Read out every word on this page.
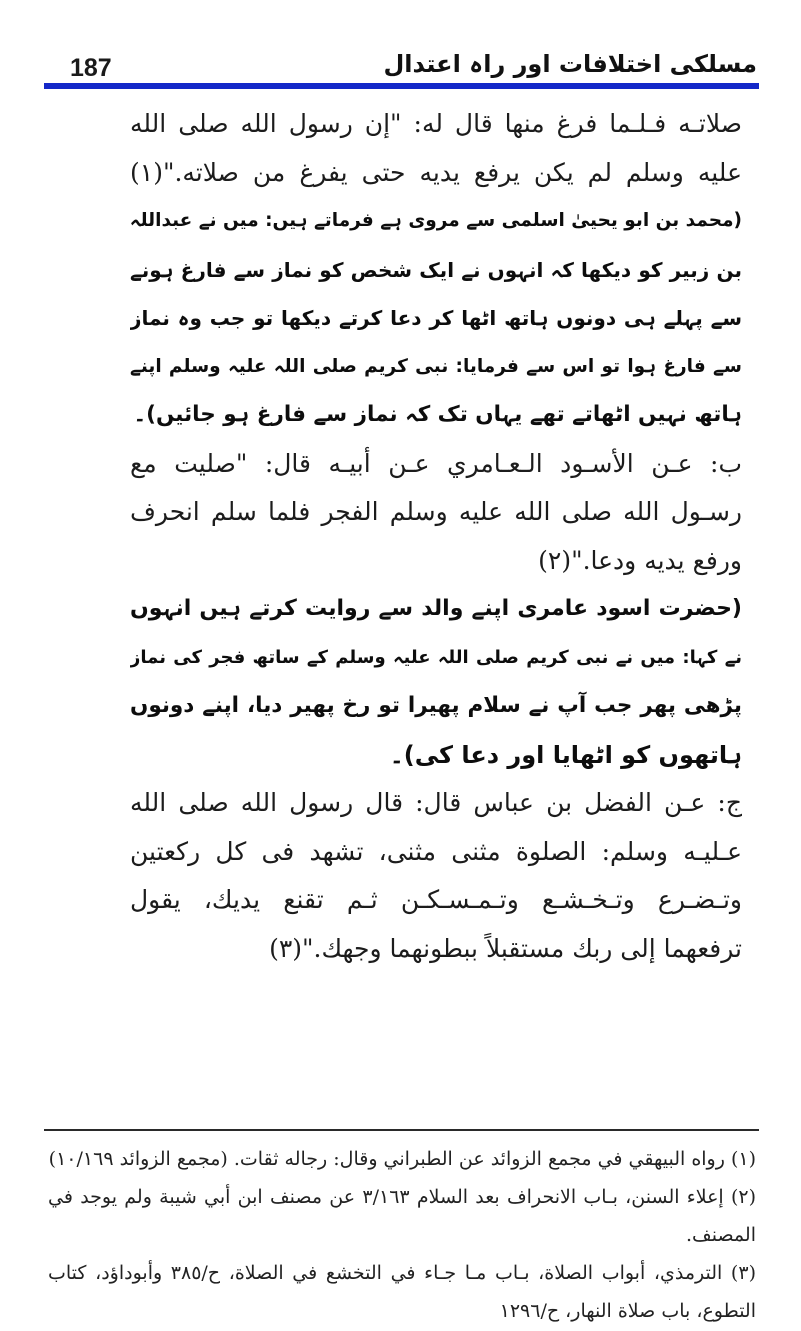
187	مسلکی اختلافات اور راہ اعتدال
صلاتـه فـلـما فرغ منها قال له: "إن رسول الله صلى الله
عليه وسلم لم يكن يرفع يديه حتى يفرغ من صلاته."(١)
(محمد بن ابو یحییٰ اسلمی سے مروی ہے فرماتے ہیں: میں نے عبداللہ
بن زبیر کو دیکھا کہ انہوں نے ایک شخص کو نماز سے فارغ ہونے
سے پہلے ہی دونوں ہاتھ اٹھا کر دعا کرتے دیکھا تو جب وہ نماز
سے فارغ ہوا تو اس سے فرمایا: نبی کریم صلی اللہ علیہ وسلم اپنے
ہاتھ نہیں اٹھاتے تھے یہاں تک کہ نماز سے فارغ ہو جائیں)۔
ب: عـن الأسـود الـعـامري عـن أبيـه قال: "صليت مع
رسـول الله صلى الله عليه وسلم الفجر فلما سلم انحرف
ورفع يديه ودعا."(٢)
(حضرت اسود عامری اپنے والد سے روایت کرتے ہیں انہوں
نے کہا: میں نے نبی کریم صلی اللہ علیہ وسلم کے ساتھ فجر کی نماز
پڑھی پھر جب آپ نے سلام پھیرا تو رخ پھیر دیا، اپنے دونوں
ہاتھوں کو اٹھایا اور دعا کی)۔
ج: عـن الفضل بن عباس قال: قال رسول الله صلى الله
عـليـه وسلم: الصلوة مثنى مثنى، تشهد فى كل ركعتين
وتـضـرع وتـخـشـع وتـمـسـكـن ثـم تقنع يديك، يقول
ترفعهما إلى ربك مستقبلاً ببطونهما وجهك."(٣)
(١) رواه البيهقي في مجمع الزوائد عن الطبراني وقال: رجاله ثقات. (مجمع الزوائد ١٠/١٦٩)
(٢) إعلاء السنن، بـاب الانحراف بعد السلام ٣/١٦٣ عن مصنف ابن أبي شيبة ولم يوجد في
المصنف.
(٣) الترمذي، أبواب الصلاة، بـاب مـا جـاء في التخشع في الصلاة، ح/٣٨٥ وأبوداؤد، كتاب
التطوع، باب صلاة النهار، ح/١٢٩٦
